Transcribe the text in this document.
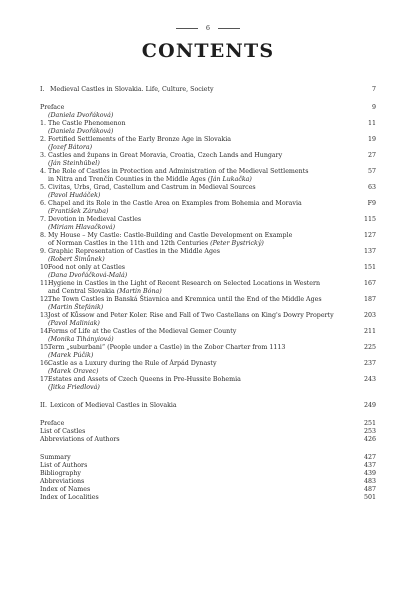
6
CONTENTS
I. Medieval Castles in Slovakia. Life, Culture, Society	7
Preface	9
(Daniela Dvořáková)
1. The Castle Phenomenon	11
(Daniela Dvořáková)
2. Fortified Settlements of the Early Bronze Age in Slovakia	19
(Jozef Bátora)
3. Castles and župans in Great Moravia, Croatia, Czech Lands and Hungary	27
(Ján Steinhübel)
4. The Role of Castles in Protection and Administration of the Medieval Settlements	57
in Nitra and Trenčín Counties in the Middle Ages (Ján Lukačka)
5. Civitas, Urbs, Grad, Castellum and Castrum in Medieval Sources	63
(Pavol Hudáček)
6. Chapel and its Role in the Castle Area on Examples from Bohemia and Moravia	F9
(František Záruba)
7. Devotion in Medieval Castles	115
(Miriam Hlavačková)
8. My House – My Castle: Castle-Building and Castle Development on Example	127
of Norman Castles in the 11th and 12th Centuries (Peter Bystrický)
9. Graphic Representation of Castles in the Middle Ages	137
(Robert Šimůnek)
10.
Food not only at Castles	151
(Dana Dvořáčková-Malá)
11.
Hygiene in Castles in the Light of Recent Research on Selected Locations in Western	167
and Central Slovakia (Martin Bóna)
12.
The Town Castles in Banská Štiavnica and Kremnica until the End of the Middle Ages	187
(Martin Štefánik)
13.
Jost of Kůssow and Peter Koler. Rise and Fall of Two Castellans on King's Dowry Property	203
(Pavol Maliniak)
14.
Forms of Life at the Castles of the Medieval Gemer County	211
(Monika Tihányiová)
15.
Term „suburbani“ (People under a Castle) in the Zobor Charter from 1113	225
(Marek Púčik)
16.
Castle as a Luxury during the Rule of Árpád Dynasty	237
(Marek Oravec)
17.
Estates and Assets of Czech Queens in Pre-Hussite Bohemia	243
(Jitka Friedlová)
II. Lexicon of Medieval Castles in Slovakia	249
Preface	251
List of Castles	253
Abbreviations of Authors	426
Summary	427
List of Authors	437
Bibliography	439
Abbreviations	483
Index of Names	487
Index of Localities	501
